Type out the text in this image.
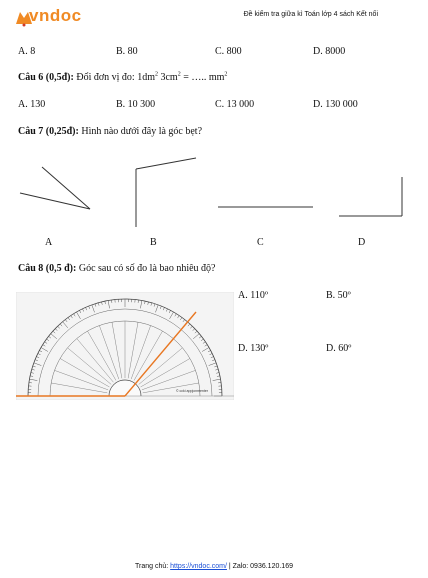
vndoc	Đề kiểm tra giữa kì Toán lớp 4 sách Kết nối
A. 8	B. 80	C. 800	D. 8000
Câu 6 (0,5đ): Đổi đơn vị đo: $1dm^2$ $3cm^2$ = ….. $mm^2$
A. 130	B. 10 300	C. 13 000	D. 130 000
Câu 7 (0,25đ): Hình nào dưới đây là góc bẹt?
A	B	C	D
Câu 8 (0,5 đ): Góc sau có số đo là bao nhiêu độ?
© ccki appjonmenter
A. 110º	B. 50º
D. 130º	D. 60º
Trang chủ: https://vndoc.com/ | Zalo: 0936.120.169
